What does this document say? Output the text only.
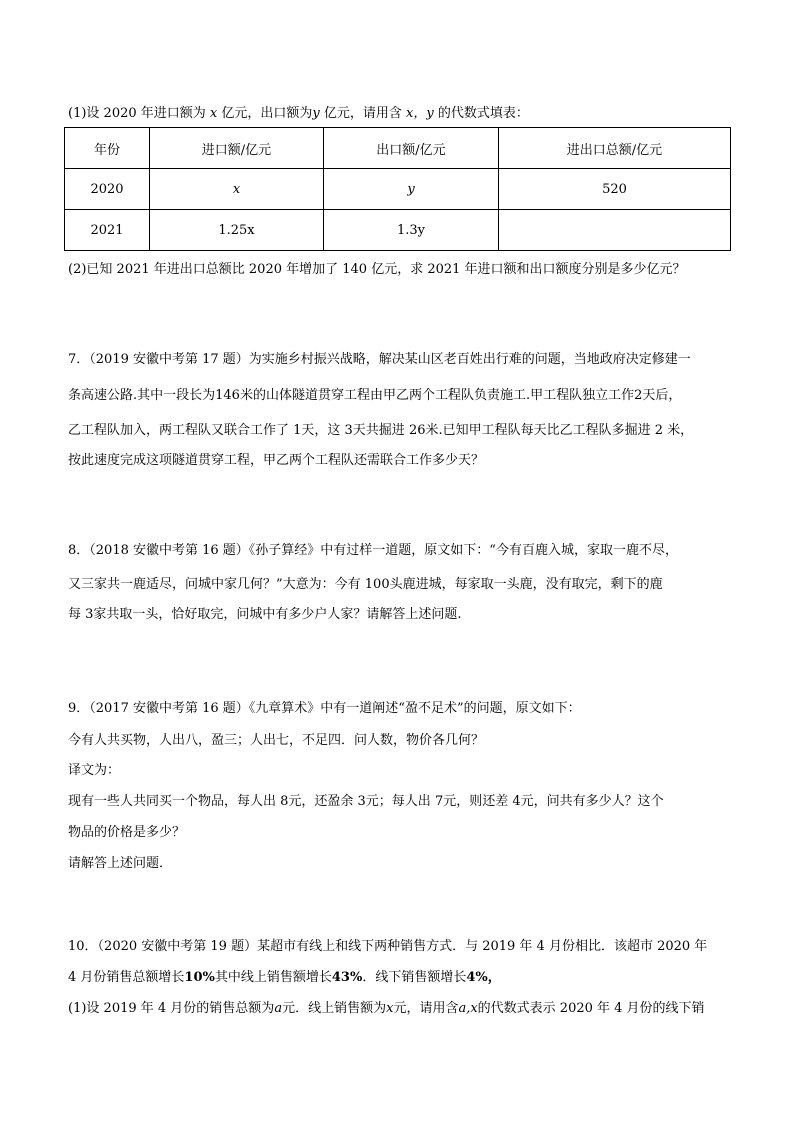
(1)设 2020 年进口额为 x 亿元，出口额为y 亿元，请用含 x，y 的代数式填表：
年份	进口额/亿元	出口额/亿元	进出口总额/亿元
2020	x	y	520
2021	1.25x	1.3y	
(2)已知 2021 年进出口总额比 2020 年增加了 140 亿元，求 2021 年进口额和出口额度分别是多少亿元？
7．（2019 安徽中考第 17 题）为实施乡村振兴战略，解决某山区老百姓出行难的问题，当地政府决定修建一
条高速公路.其中一段长为146米的山体隧道贯穿工程由甲乙两个工程队负责施工.甲工程队独立工作2天后，
乙工程队加入，两工程队又联合工作了 1天，这 3天共掘进 26米.已知甲工程队每天比乙工程队多掘进 2 米，
按此速度完成这项隧道贯穿工程，甲乙两个工程队还需联合工作多少天？
8．（2018 安徽中考第 16 题）《孙子算经》中有过样一道题，原文如下：“今有百鹿入城，家取一鹿不尽，
又三家共一鹿适尽，问城中家几何？”大意为：今有 100头鹿进城，每家取一头鹿，没有取完，剩下的鹿
每 3家共取一头，恰好取完，问城中有多少户人家？请解答上述问题.
9．（2017 安徽中考第 16 题）《九章算术》中有一道阐述“盈不足术”的问题，原文如下：
今有人共买物，人出八，盈三；人出七，不足四．问人数，物价各几何？
译文为：
现有一些人共同买一个物品，每人出 8元，还盈余 3元；每人出 7元，则还差 4元，问共有多少人？这个
物品的价格是多少？
请解答上述问题．
10．（2020 安徽中考第 19 题）某超市有线上和线下两种销售方式．与 2019 年 4 月份相比．该超市 2020 年
4 月份销售总额增长10%其中线上销售额增长43%．线下销售额增长4%，
(1)设 2019 年 4 月份的销售总额为a元．线上销售额为x元，请用含a,x的代数式表示 2020 年 4 月份的线下销
